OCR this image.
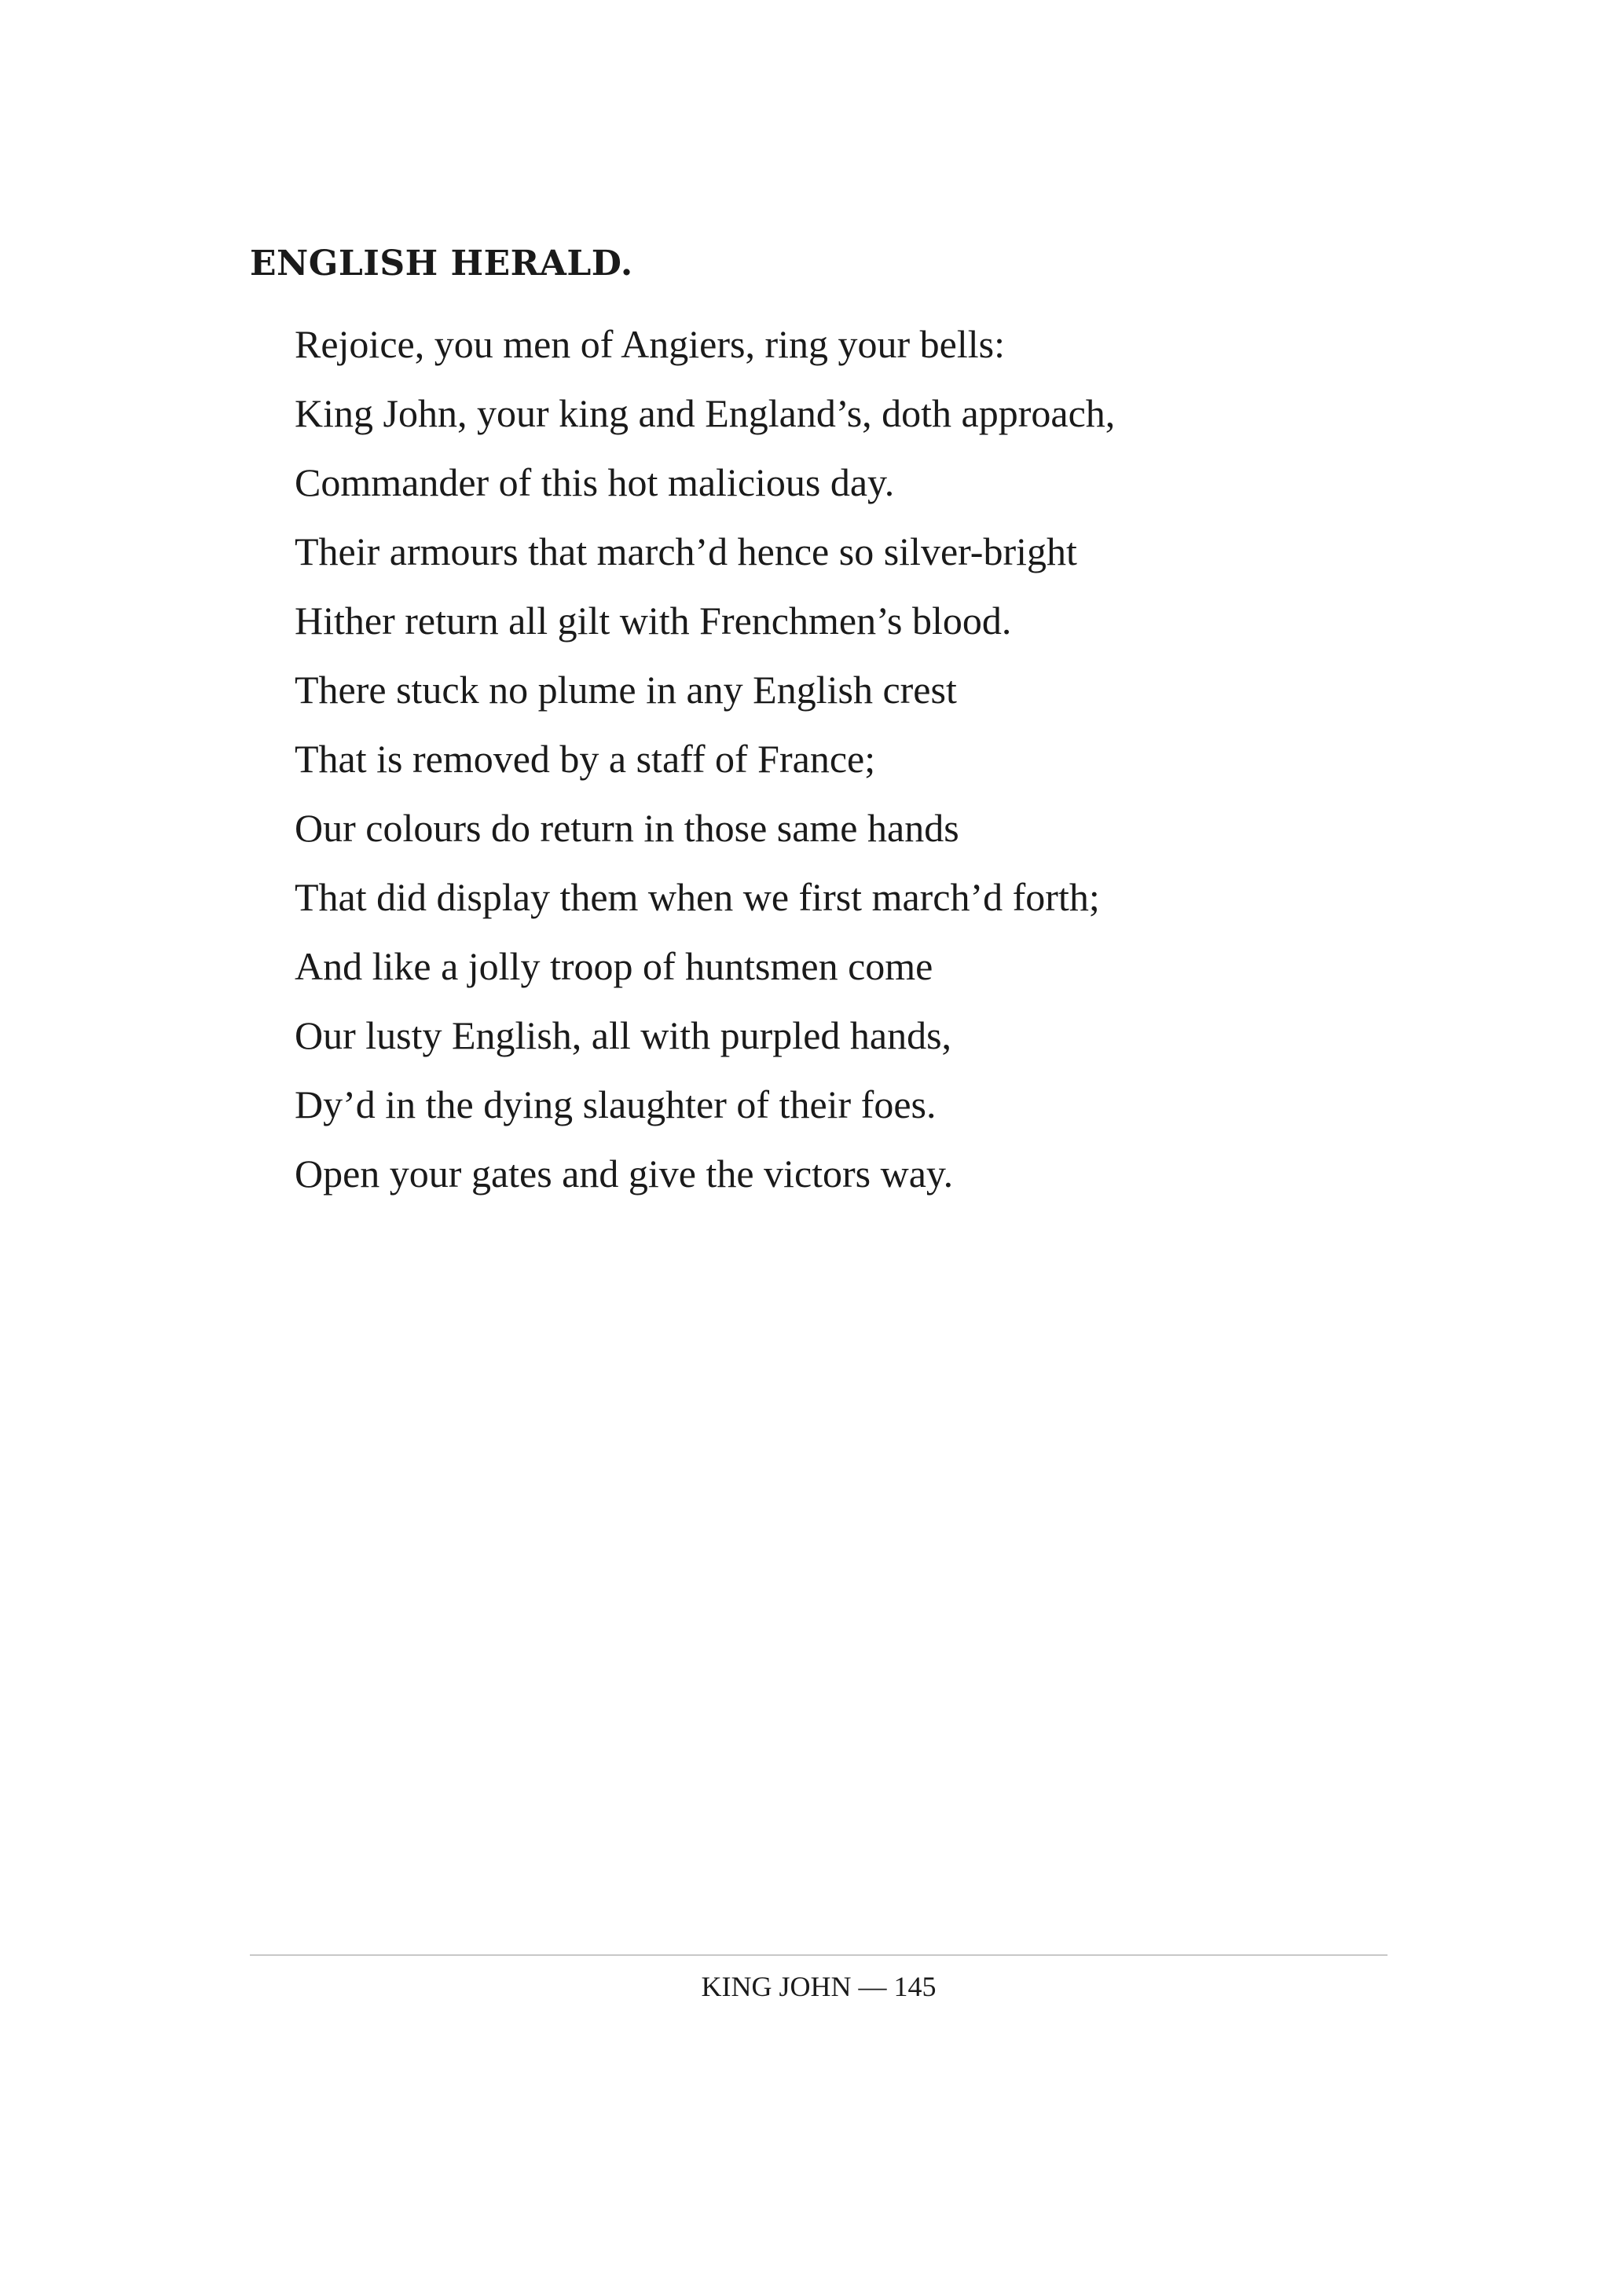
ENGLISH HERALD.
Rejoice, you men of Angiers, ring your bells:
King John, your king and England’s, doth approach,
Commander of this hot malicious day.
Their armours that march’d hence so silver-bright
Hither return all gilt with Frenchmen’s blood.
There stuck no plume in any English crest
That is removed by a staff of France;
Our colours do return in those same hands
That did display them when we first march’d forth;
And like a jolly troop of huntsmen come
Our lusty English, all with purpled hands,
Dy’d in the dying slaughter of their foes.
Open your gates and give the victors way.
KING JOHN — 145
